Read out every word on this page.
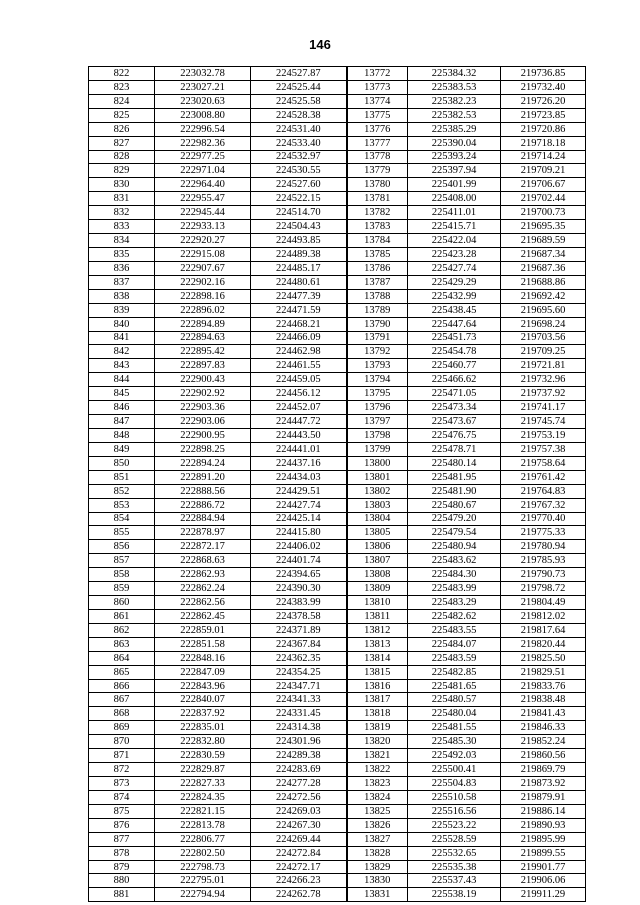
146
822	223032.78	224527.87	13772	225384.32	219736.85
823	223027.21	224525.44	13773	225383.53	219732.40
824	223020.63	224525.58	13774	225382.23	219726.20
825	223008.80	224528.38	13775	225382.53	219723.85
826	222996.54	224531.40	13776	225385.29	219720.86
827	222982.36	224533.40	13777	225390.04	219718.18
828	222977.25	224532.97	13778	225393.24	219714.24
829	222971.04	224530.55	13779	225397.94	219709.21
830	222964.40	224527.60	13780	225401.99	219706.67
831	222955.47	224522.15	13781	225408.00	219702.44
832	222945.44	224514.70	13782	225411.01	219700.73
833	222933.13	224504.43	13783	225415.71	219695.35
834	222920.27	224493.85	13784	225422.04	219689.59
835	222915.08	224489.38	13785	225423.28	219687.34
836	222907.67	224485.17	13786	225427.74	219687.36
837	222902.16	224480.61	13787	225429.29	219688.86
838	222898.16	224477.39	13788	225432.99	219692.42
839	222896.02	224471.59	13789	225438.45	219695.60
840	222894.89	224468.21	13790	225447.64	219698.24
841	222894.63	224466.09	13791	225451.73	219703.56
842	222895.42	224462.98	13792	225454.78	219709.25
843	222897.83	224461.55	13793	225460.77	219721.81
844	222900.43	224459.05	13794	225466.62	219732.96
845	222902.92	224456.12	13795	225471.05	219737.92
846	222903.36	224452.07	13796	225473.34	219741.17
847	222903.06	224447.72	13797	225473.67	219745.74
848	222900.95	224443.50	13798	225476.75	219753.19
849	222898.25	224441.01	13799	225478.71	219757.38
850	222894.24	224437.16	13800	225480.14	219758.64
851	222891.20	224434.03	13801	225481.95	219761.42
852	222888.56	224429.51	13802	225481.90	219764.83
853	222886.72	224427.74	13803	225480.67	219767.32
854	222884.94	224425.14	13804	225479.20	219770.40
855	222878.97	224415.80	13805	225479.54	219775.33
856	222872.17	224406.02	13806	225480.94	219780.94
857	222868.63	224401.74	13807	225483.62	219785.93
858	222862.93	224394.65	13808	225484.30	219790.73
859	222862.24	224390.30	13809	225483.99	219798.72
860	222862.56	224383.99	13810	225483.29	219804.49
861	222862.45	224378.58	13811	225482.62	219812.02
862	222859.01	224371.89	13812	225483.55	219817.64
863	222851.58	224367.84	13813	225484.07	219820.44
864	222848.16	224362.35	13814	225483.59	219825.50
865	222847.09	224354.25	13815	225482.85	219829.51
866	222843.96	224347.71	13816	225481.65	219833.76
867	222840.07	224341.33	13817	225480.57	219838.48
868	222837.92	224331.45	13818	225480.04	219841.43
869	222835.01	224314.38	13819	225481.55	219846.33
870	222832.80	224301.96	13820	225485.30	219852.24
871	222830.59	224289.38	13821	225492.03	219860.56
872	222829.87	224283.69	13822	225500.41	219869.79
873	222827.33	224277.28	13823	225504.83	219873.92
874	222824.35	224272.56	13824	225510.58	219879.91
875	222821.15	224269.03	13825	225516.56	219886.14
876	222813.78	224267.30	13826	225523.22	219890.93
877	222806.77	224269.44	13827	225528.59	219895.99
878	222802.50	224272.84	13828	225532.65	219899.55
879	222798.73	224272.17	13829	225535.38	219901.77
880	222795.01	224266.23	13830	225537.43	219906.06
881	222794.94	224262.78	13831	225538.19	219911.29
